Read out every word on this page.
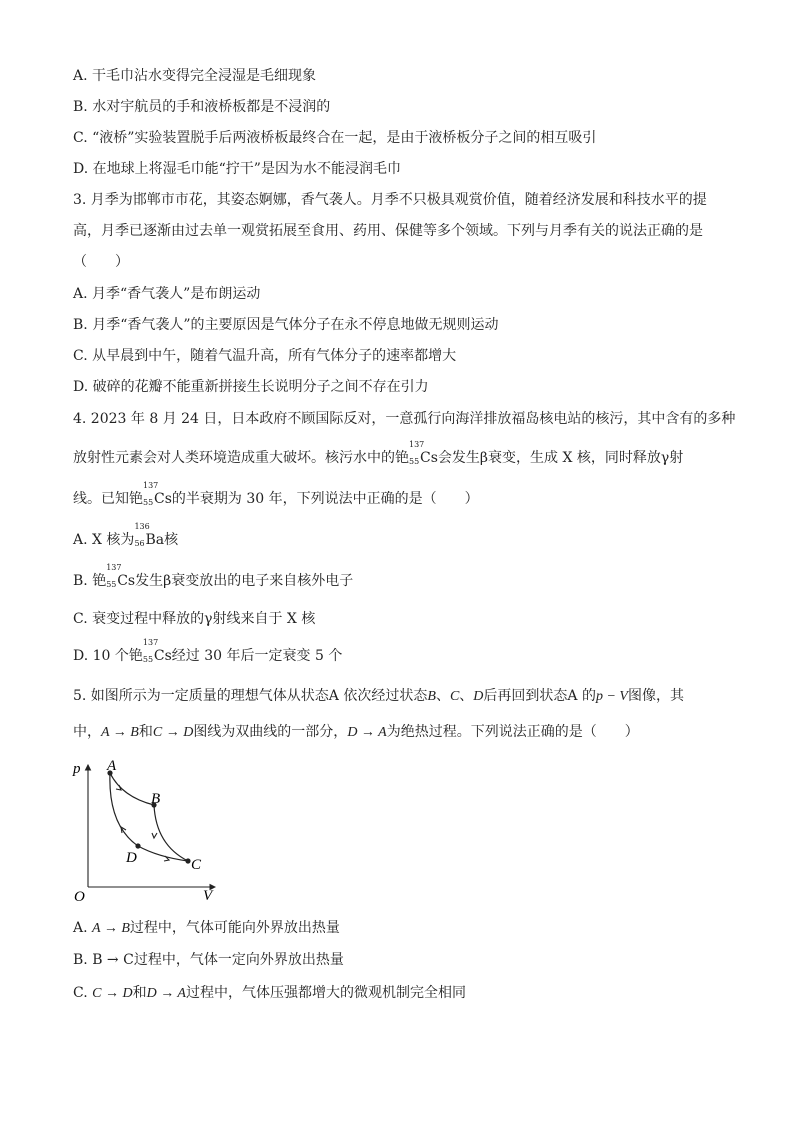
A. 干毛巾沾水变得完全浸湿是毛细现象
B. 水对宇航员的手和液桥板都是不浸润的
C. “液桥”实验装置脱手后两液桥板最终合在一起，是由于液桥板分子之间的相互吸引
D. 在地球上将湿毛巾能“拧干”是因为水不能浸润毛巾
3. 月季为邯郸市市花，其姿态婀娜，香气袭人。月季不只极具观赏价值，随着经济发展和科技水平的提
高，月季已逐渐由过去单一观赏拓展至食用、药用、保健等多个领域。下列与月季有关的说法正确的是
（　　）
A. 月季“香气袭人”是布朗运动
B. 月季“香气袭人”的主要原因是气体分子在永不停息地做无规则运动
C. 从早晨到中午，随着气温升高，所有气体分子的速率都增大
D. 破碎的花瓣不能重新拼接生长说明分子之间不存在引力
4. 2023 年 8 月 24 日，日本政府不顾国际反对，一意孤行向海洋排放福岛核电站的核污，其中含有的多种
放射性元素会对人类环境造成重大破坏。核污水中的铯
137
55 Cs会发生β衰变，生成 X 核，同时释放γ射
线。已知铯
137
55 Cs的半衰期为 30 年，下列说法中正确的是（　　）
A. X 核为
136
56 Ba核
B. 铯
137
55 Cs发生β衰变放出的电子来自核外电子
C. 衰变过程中释放的γ射线来自于 X 核
D. 10 个铯
137
55 Cs经过 30 年后一定衰变 5 个
5. 如图所示为一定质量的理想气体从状态A 依次经过状态B、C、D后再回到状态A 的p − V图像，其
中，A → B和C → D图线为双曲线的一部分，D → A为绝热过程。下列说法正确的是（　　）
p
V
O
A
B
C
D
A. A → B过程中，气体可能向外界放出热量
B. B → C过程中，气体一定向外界放出热量
C. C → D和D → A过程中，气体压强都增大的微观机制完全相同
